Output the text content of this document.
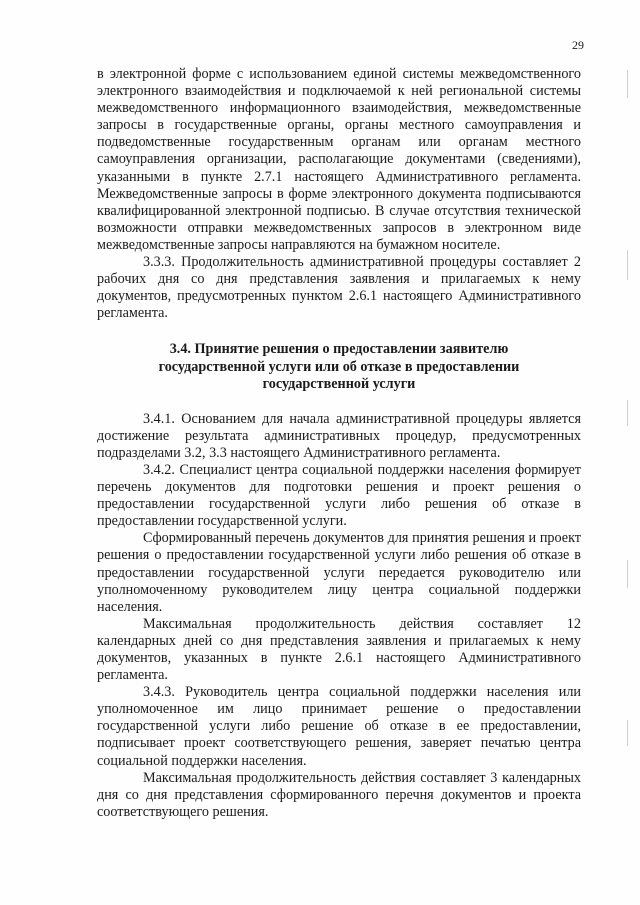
29

в электронной форме с использованием единой системы межведомственного электронного взаимодействия и подключаемой к ней региональной системы межведомственного информационного взаимодействия, межведомственные запросы в государственные органы, органы местного самоуправления и подведомственные государственным органам или органам местного самоуправления организации, располагающие документами (сведениями), указанными в пункте 2.7.1 настоящего Административного регламента. Межведомственные запросы в форме электронного документа подписываются квалифицированной электронной подписью. В случае отсутствия технической возможности отправки межведомственных запросов в электронном виде межведомственные запросы направляются на бумажном носителе.

3.3.3. Продолжительность административной процедуры составляет 2 рабочих дня со дня представления заявления и прилагаемых к нему документов, предусмотренных пунктом 2.6.1 настоящего Административного регламента.

3.4. Принятие решения о предоставлении заявителю государственной услуги или об отказе в предоставлении государственной услуги

3.4.1. Основанием для начала административной процедуры является достижение результата административных процедур, предусмотренных подразделами 3.2, 3.3 настоящего Административного регламента.

3.4.2. Специалист центра социальной поддержки населения формирует перечень документов для подготовки решения и проект решения о предоставлении государственной услуги либо решения об отказе в предоставлении государственной услуги.

Сформированный перечень документов для принятия решения и проект решения о предоставлении государственной услуги либо решения об отказе в предоставлении государственной услуги передается руководителю или уполномоченному руководителем лицу центра социальной поддержки населения.

Максимальная продолжительность действия составляет 12 календарных дней со дня представления заявления и прилагаемых к нему документов, указанных в пункте 2.6.1 настоящего Административного регламента.

3.4.3. Руководитель центра социальной поддержки населения или уполномоченное им лицо принимает решение о предоставлении государственной услуги либо решение об отказе в ее предоставлении, подписывает проект соответствующего решения, заверяет печатью центра социальной поддержки населения.

Максимальная продолжительность действия составляет 3 календарных дня со дня представления сформированного перечня документов и проекта соответствующего решения.
